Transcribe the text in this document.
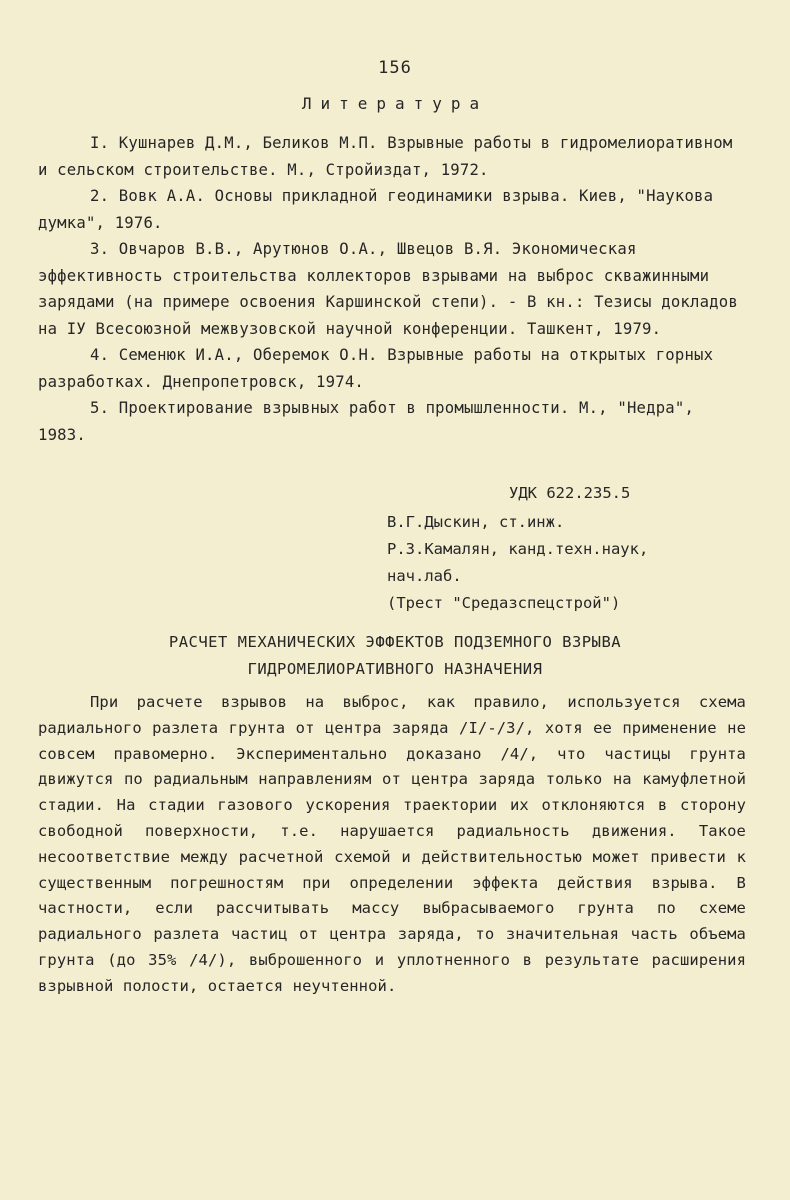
156
Литература
I. Кушнарев Д.М., Беликов М.П. Взрывные работы в гидромелиоративном и сельском строительстве. М., Стройиздат, 1972.
2. Вовк А.А. Основы прикладной геодинамики взрыва. Киев, "Наукова думка", 1976.
3. Овчаров В.В., Арутюнов О.А., Швецов В.Я. Экономическая эффективность строительства коллекторов взрывами на выброс скважинными зарядами (на примере освоения Каршинской степи). - В кн.: Тезисы докладов на IУ Всесоюзной межвузовской научной конференции. Ташкент, 1979.
4. Семенюк И.А., Оберемок О.Н. Взрывные работы на открытых горных разработках. Днепропетровск, 1974.
5. Проектирование взрывных работ в промышленности. М., "Недра", 1983.
УДК 622.235.5
В.Г.Дыскин, ст.инж.
Р.З.Камалян, канд.техн.наук,
нач.лаб.
(Трест "Средазспецстрой")
РАСЧЕТ МЕХАНИЧЕСКИХ ЭФФЕКТОВ ПОДЗЕМНОГО ВЗРЫВА
ГИДРОМЕЛИОРАТИВНОГО НАЗНАЧЕНИЯ

При расчете взрывов на выброс, как правило, используется схема радиального разлета грунта от центра заряда /I/-/3/, хотя ее применение не совсем правомерно. Экспериментально доказано /4/, что частицы грунта движутся по радиальным направлениям от центра заряда только на камуфлетной стадии. На стадии газового ускорения траектории их отклоняются в сторону свободной поверхности, т.е. нарушается радиальность движения. Такое несоответствие между расчетной схемой и действительностью может привести к существенным погрешностям при определении эффекта действия взрыва. В частности, если рассчитывать массу выбрасываемого грунта по схеме радиального разлета частиц от центра заряда, то значительная часть объема грунта (до 35% /4/), выброшенного и уплотненного в результате расширения взрывной полости, остается неучтенной.
